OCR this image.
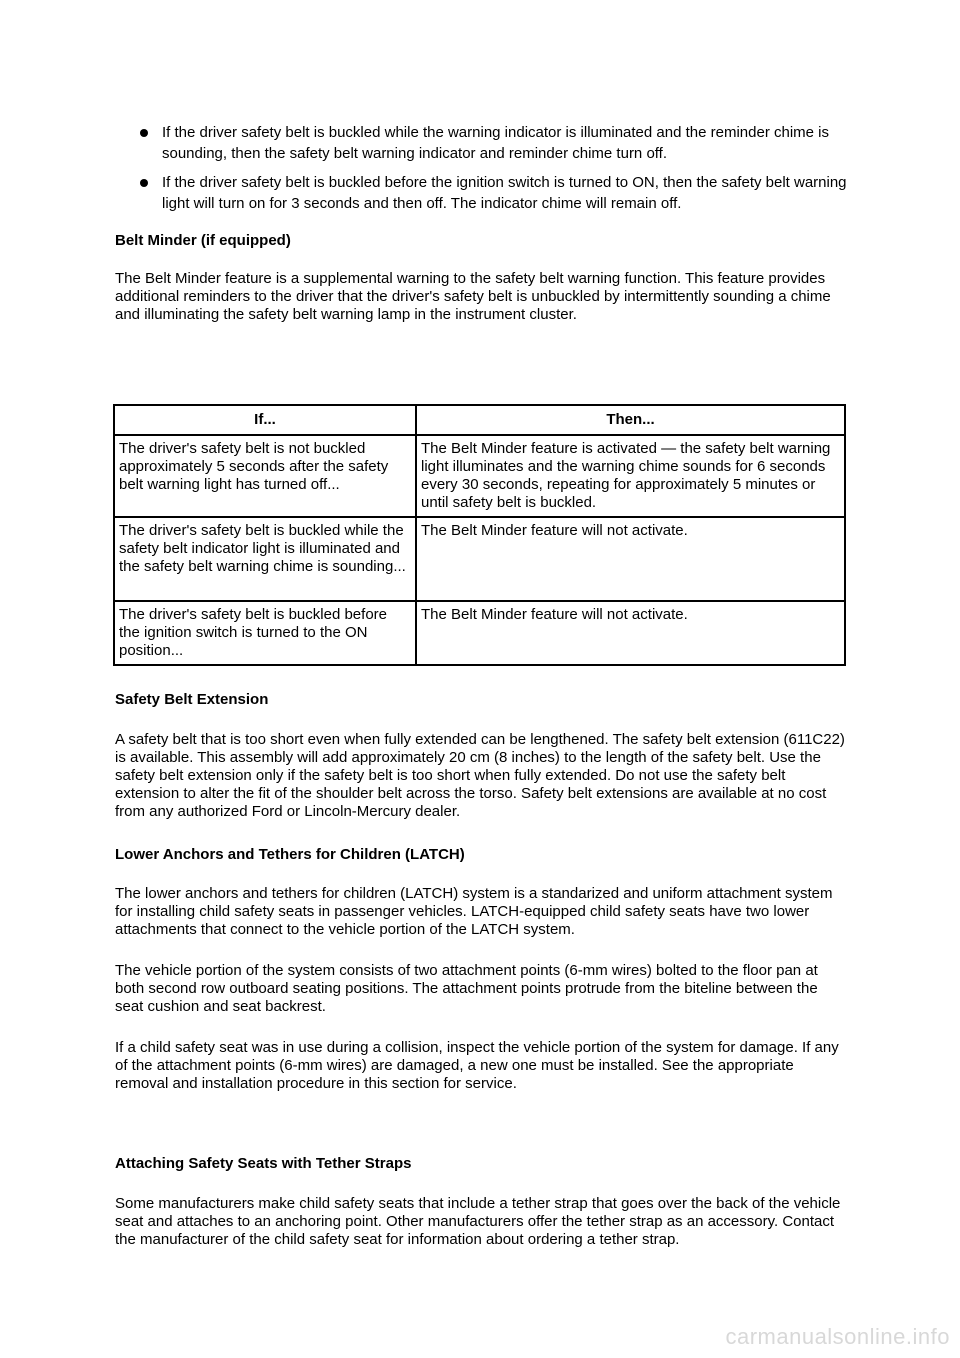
If the driver safety belt is buckled while the warning indicator is illuminated and the reminder chime is sounding, then the safety belt warning indicator and reminder chime turn off.
If the driver safety belt is buckled before the ignition switch is turned to ON, then the safety belt warning light will turn on for 3 seconds and then off. The indicator chime will remain off.
Belt Minder (if equipped)
The Belt Minder feature is a supplemental warning to the safety belt warning function. This feature provides additional reminders to the driver that the driver's safety belt is unbuckled by intermittently sounding a chime and illuminating the safety belt warning lamp in the instrument cluster.
If...	Then...
The driver's safety belt is not buckled approximately 5 seconds after the safety belt warning light has turned off...	The Belt Minder feature is activated — the safety belt warning light illuminates and the warning chime sounds for 6 seconds every 30 seconds, repeating for approximately 5 minutes or until safety belt is buckled.
The driver's safety belt is buckled while the safety belt indicator light is illuminated and the safety belt warning chime is sounding...	The Belt Minder feature will not activate.
The driver's safety belt is buckled before the ignition switch is turned to the ON position...	The Belt Minder feature will not activate.
Safety Belt Extension
A safety belt that is too short even when fully extended can be lengthened. The safety belt extension (611C22) is available. This assembly will add approximately 20 cm (8 inches) to the length of the safety belt. Use the safety belt extension only if the safety belt is too short when fully extended. Do not use the safety belt extension to alter the fit of the shoulder belt across the torso. Safety belt extensions are available at no cost from any authorized Ford or Lincoln-Mercury dealer.
Lower Anchors and Tethers for Children (LATCH)
The lower anchors and tethers for children (LATCH) system is a standarized and uniform attachment system for installing child safety seats in passenger vehicles. LATCH-equipped child safety seats have two lower attachments that connect to the vehicle portion of the LATCH system.
The vehicle portion of the system consists of two attachment points (6-mm wires) bolted to the floor pan at both second row outboard seating positions. The attachment points protrude from the biteline between the seat cushion and seat backrest.
If a child safety seat was in use during a collision, inspect the vehicle portion of the system for damage. If any of the attachment points (6-mm wires) are damaged, a new one must be installed. See the appropriate removal and installation procedure in this section for service.
Attaching Safety Seats with Tether Straps
Some manufacturers make child safety seats that include a tether strap that goes over the back of the vehicle seat and attaches to an anchoring point. Other manufacturers offer the tether strap as an accessory. Contact the manufacturer of the child safety seat for information about ordering a tether strap.
carmanualsonline.info
